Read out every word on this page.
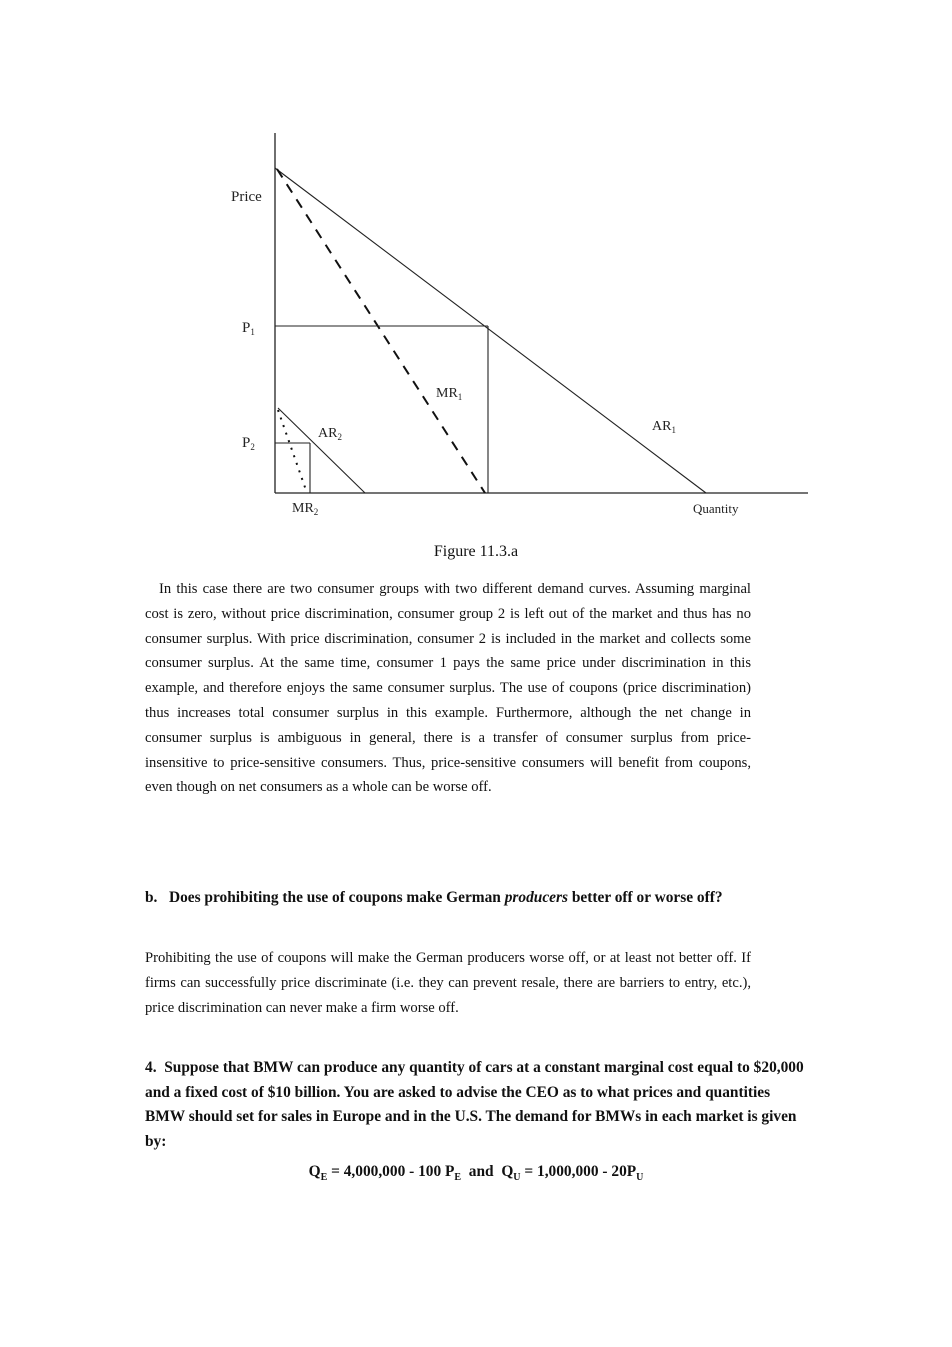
Price
$P_1$
$P_2$
$MR_1$
$AR_1$
$AR_2$
$MR_2$	Quantity
Figure 11.3.a
In this case there are two consumer groups with two different demand curves. Assuming marginal cost is zero, without price discrimination, consumer group 2 is left out of the market and thus has no consumer surplus. With price discrimination, consumer 2 is included in the market and collects some consumer surplus. At the same time, consumer 1 pays the same price under discrimination in this example, and therefore enjoys the same consumer surplus. The use of coupons (price discrimination) thus increases total consumer surplus in this example. Furthermore, although the net change in consumer surplus is ambiguous in general, there is a transfer of consumer surplus from price-insensitive to price-sensitive consumers. Thus, price-sensitive consumers will benefit from coupons, even though on net consumers as a whole can be worse off.
b.   Does prohibiting the use of coupons make German producers better off or worse off?
Prohibiting the use of coupons will make the German producers worse off, or at least not better off. If firms can successfully price discriminate (i.e. they can prevent resale, there are barriers to entry, etc.), price discrimination can never make a firm worse off.
4.  Suppose that BMW can produce any quantity of cars at a constant marginal cost equal to $20,000 and a fixed cost of $10 billion. You are asked to advise the CEO as to what prices and quantities BMW should set for sales in Europe and in the U.S. The demand for BMWs in each market is given by:
$Q_E = 4,000,000 - 100$ $P_E$  and  $Q_U = 1,000,000 - 20P_U$
